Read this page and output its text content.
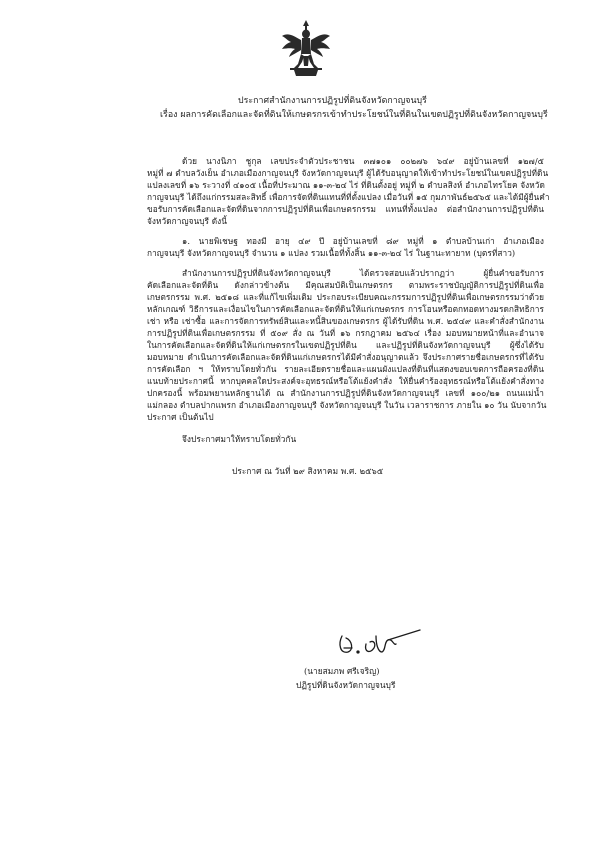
ประกาศสำนักงานการปฏิรูปที่ดินจังหวัดกาญจนบุรี
เรื่อง ผลการคัดเลือกและจัดที่ดินให้เกษตรกรเข้าทำประโยชน์ในที่ดินในเขตปฏิรูปที่ดินจังหวัดกาญจนบุรี
ด้วย นางนิภา ชูกุล เลขประจำตัวประชาชน ๓๗๑๐๑ ๐๐๒๗๖ ๖๔๙ อยู่บ้านเลขที่ ๑๒๗/๕
หมู่ที่ ๗ ตำบลวังเย็น อำเภอเมืองกาญจนบุรี จังหวัดกาญจนบุรี ผู้ได้รับอนุญาตให้เข้าทำประโยชน์ในเขตปฏิรูปที่ดิน
แปลงเลขที่ ๑๖ ระวางที่ ๔๑๐๕ เนื้อที่ประมาณ ๑๑-๓-๒๔ ไร่ ที่ดินตั้งอยู่ หมู่ที่ ๒ ตำบลสิงห์ อำเภอไทรโยค จังหวัด
กาญจนบุรี ได้ถึงแก่กรรมสละสิทธิ์ เพื่อการจัดที่ดินแทนที่ที่ตั้งแปลง เมื่อวันที่ ๑๕ กุมภาพันธ์๒๕๖๕ และได้มีผู้ยื่นคำ
ขอรับการคัดเลือกและจัดที่ดินจากการปฏิรูปที่ดินเพื่อเกษตรกรรม แทนที่ทั้งแปลง ต่อสำนักงานการปฏิรูปที่ดิน
จังหวัดกาญจนบุรี ดังนี้
๑. นายพิเชษฐ ทองมี อายุ ๔๙ ปี อยู่บ้านเลขที่ ๘๙ หมู่ที่ ๑ ตำบลบ้านเก่า อำเภอเมือง
กาญจนบุรี จังหวัดกาญจนบุรี จำนวน ๑ แปลง รวมเนื้อที่ทั้งสิ้น ๑๑-๓-๒๔ ไร่ ในฐานะทายาท (บุตรที่สาว)
สำนักงานการปฏิรูปที่ดินจังหวัดกาญจนบุรี ได้ตรวจสอบแล้วปรากฏว่า ผู้ยื่นคำขอรับการ
คัดเลือกและจัดที่ดิน ดังกล่าวข้างต้น มีคุณสมบัติเป็นเกษตรกร ตามพระราชบัญญัติการปฏิรูปที่ดินเพื่อ
เกษตรกรรม พ.ศ. ๒๕๑๘ และที่แก้ไขเพิ่มเติม ประกอบระเบียบคณะกรรมการปฏิรูปที่ดินเพื่อเกษตรกรรมว่าด้วย
หลักเกณฑ์ วิธีการและเงื่อนไขในการคัดเลือกและจัดที่ดินให้แก่เกษตรกร การโอนหรือตกทอดทางมรดกสิทธิการ
เช่า หรือ เช่าซื้อ และการจัดการทรัพย์สินและหนี้สินของเกษตรกร ผู้ได้รับที่ดิน พ.ศ. ๒๕๔๙ และคำสั่งสำนักงาน
การปฏิรูปที่ดินเพื่อเกษตรกรรม ที่ ๕๐๙ สั่ง ณ วันที่ ๑๖ กรกฎาคม ๒๕๖๔ เรื่อง มอบหมายหน้าที่และอำนาจ
ในการคัดเลือกและจัดที่ดินให้แก่เกษตรกรในเขตปฏิรูปที่ดิน และปฏิรูปที่ดินจังหวัดกาญจนบุรี ผู้ซึ่งได้รับ
มอบหมาย ดำเนินการคัดเลือกและจัดที่ดินแก่เกษตรกรได้มีคำสั่งอนุญาตแล้ว จึงประกาศรายชื่อเกษตรกรที่ได้รับ
การคัดเลือก ฯ ให้ทราบโดยทั่วกัน รายละเอียดรายชื่อและแผนผังแปลงที่ดินที่แสดงขอบเขตการถือครองที่ดิน
แนบท้ายประกาศนี้ หากบุคคลใดประสงค์จะอุทธรณ์หรือโต้แย้งคำสั่ง ให้ยื่นคำร้องอุทธรณ์หรือโต้แย้งคำสั่งทาง
ปกครองนี้ พร้อมพยานหลักฐานได้ ณ สำนักงานการปฏิรูปที่ดินจังหวัดกาญจนบุรี เลขที่ ๑๐๐/๒๑ ถนนแม่น้ำ
แม่กลอง ตำบลปากแพรก อำเภอเมืองกาญจนบุรี จังหวัดกาญจนบุรี ในวัน เวลาราชการ ภายใน ๑๐ วัน นับจากวัน
ประกาศ เป็นต้นไป
จึงประกาศมาให้ทราบโดยทั่วกัน
ประกาศ ณ วันที่ ๒๙ สิงหาคม พ.ศ. ๒๕๖๕
(นายสมภพ ศรีเจริญ)
ปฏิรูปที่ดินจังหวัดกาญจนบุรี
